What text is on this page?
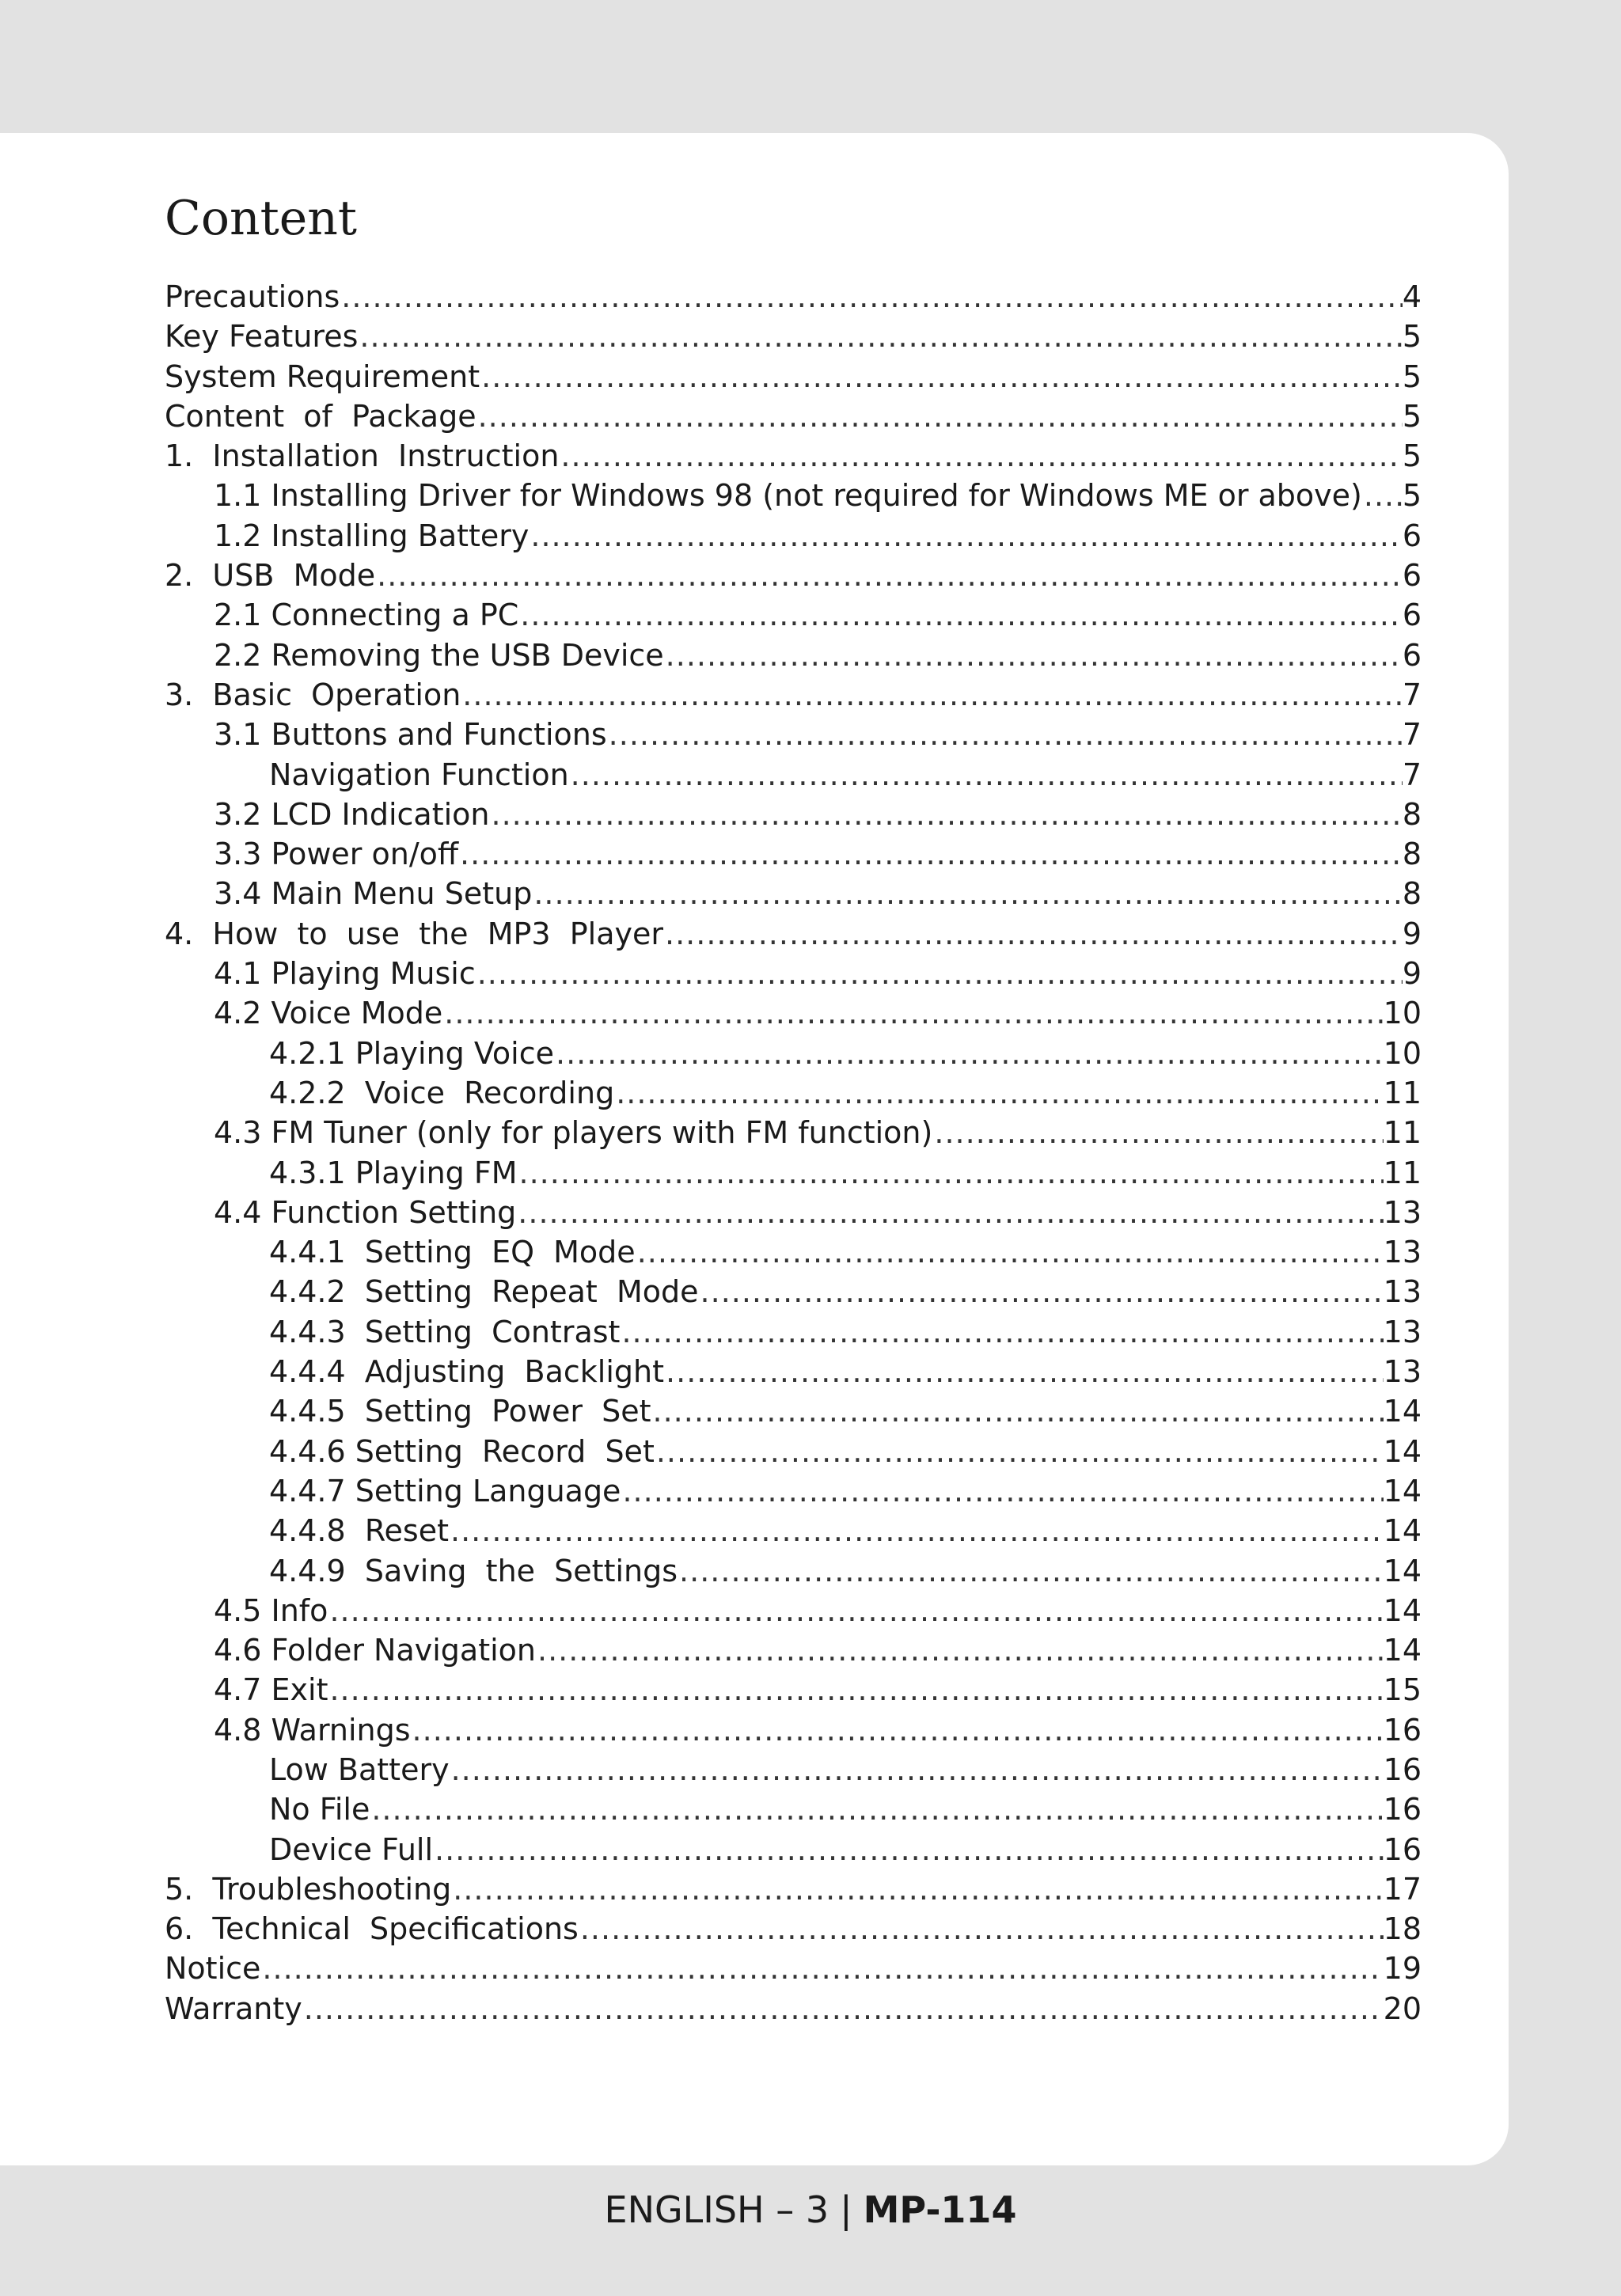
Content
Precautions .....	4
Key Features .....	5
System Requirement .....	5
Content  of  Package .....	5
1.  Installation  Instruction .....	5
1.1 Installing Driver for Windows 98 (not required for Windows ME or above) ..... 5
1.2 Installing Battery .....	6
2.  USB  Mode .....	6
2.1 Connecting a PC .....	6
2.2 Removing the USB Device .....	6
3.  Basic  Operation .....	7
3.1 Buttons and Functions .....	7
Navigation Function .....	7
3.2 LCD Indication .....	8
3.3 Power on/off .....	8
3.4 Main Menu Setup .....	8
4.  How  to  use  the  MP3  Player .....	9
4.1 Playing Music .....	9
4.2 Voice Mode .....	10
4.2.1 Playing Voice .....	10
4.2.2  Voice  Recording .....	11
4.3 FM Tuner (only for players with FM function) .....	11
4.3.1 Playing FM .....	11
4.4 Function Setting .....	13
4.4.1  Setting  EQ  Mode .....	13
4.4.2  Setting  Repeat  Mode .....	13
4.4.3  Setting  Contrast .....	13
4.4.4  Adjusting  Backlight .....	13
4.4.5  Setting  Power  Set .....	14
4.4.6 Setting  Record  Set .....	14
4.4.7 Setting Language .....	14
4.4.8  Reset .....	14
4.4.9  Saving  the  Settings .....	14
4.5 Info .....	14
4.6 Folder Navigation .....	14
4.7 Exit .....	15
4.8 Warnings .....	16
Low Battery .....	16
No File .....	16
Device Full .....	16
5.  Troubleshooting .....	17
6.  Technical  Specifications .....	18
Notice .....	19
Warranty .....	20
ENGLISH – 3 | MP-114
